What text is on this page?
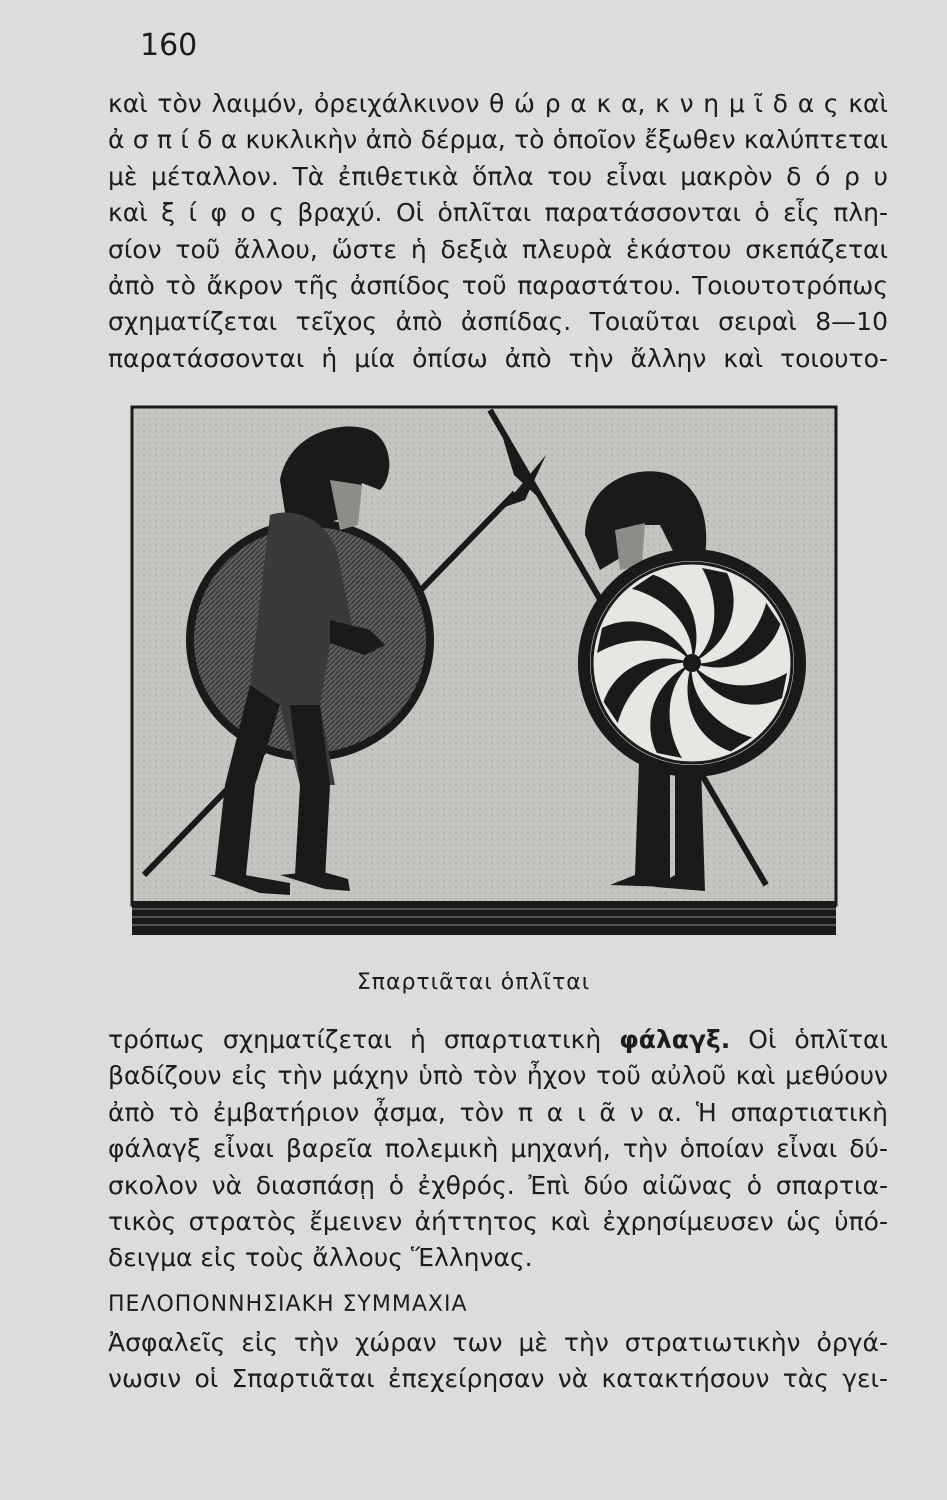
160
καὶ τὸν λαιμόν, ὀρειχάλκινον θ ώ ρ α κ α, κ ν η μ ῖ δ α ς καὶ
ἀ σ π ί δ α κυκλικὴν ἀπὸ δέρμα, τὸ ὁποῖον ἔξωθεν καλύπτεται
μὲ μέταλλον. Τὰ ἐπιθετικὰ ὅπλα του εἶναι μακρὸν δ ό ρ υ
καὶ ξ ί φ ο ς βραχύ. Οἱ ὁπλῖται παρατάσσονται ὁ εἷς πλη-
σίον τοῦ ἄλλου, ὥστε ἡ δεξιὰ πλευρὰ ἑκάστου σκεπάζεται
ἀπὸ τὸ ἄκρον τῆς ἀσπίδος τοῦ παραστάτου. Τοιουτοτρόπως
σχηματίζεται τεῖχος ἀπὸ ἀσπίδας. Τοιαῦται σειραὶ 8—10
παρατάσσονται ἡ μία ὀπίσω ἀπὸ τὴν ἄλλην καὶ τοιουτο-
Σπαρτιᾶται ὁπλῖται
τρόπως σχηματίζεται ἡ σπαρτιατικὴ φάλαγξ. Οἱ ὁπλῖται
βαδίζουν εἰς τὴν μάχην ὑπὸ τὸν ἦχον τοῦ αὐλοῦ καὶ μεθύουν
ἀπὸ τὸ ἐμβατήριον ᾆσμα, τὸν π α ι ᾶ ν α. Ἡ σπαρτιατικὴ
φάλαγξ εἶναι βαρεῖα πολεμικὴ μηχανή, τὴν ὁποίαν εἶναι δύ-
σκολον νὰ διασπάσῃ ὁ ἐχθρός. Ἐπὶ δύο αἰῶνας ὁ σπαρτια-
τικὸς στρατὸς ἔμεινεν ἀήττητος καὶ ἐχρησίμευσεν ὡς ὑπό-
δειγμα εἰς τοὺς ἄλλους Ἕλληνας.
ΠΕΛΟΠΟΝΝΗΣΙΑΚΗ ΣΥΜΜΑΧΙΑ
Ἀσφαλεῖς εἰς τὴν χώραν των μὲ τὴν στρατιωτικὴν ὀργά-
νωσιν οἱ Σπαρτιᾶται ἐπεχείρησαν νὰ κατακτήσουν τὰς γει-
